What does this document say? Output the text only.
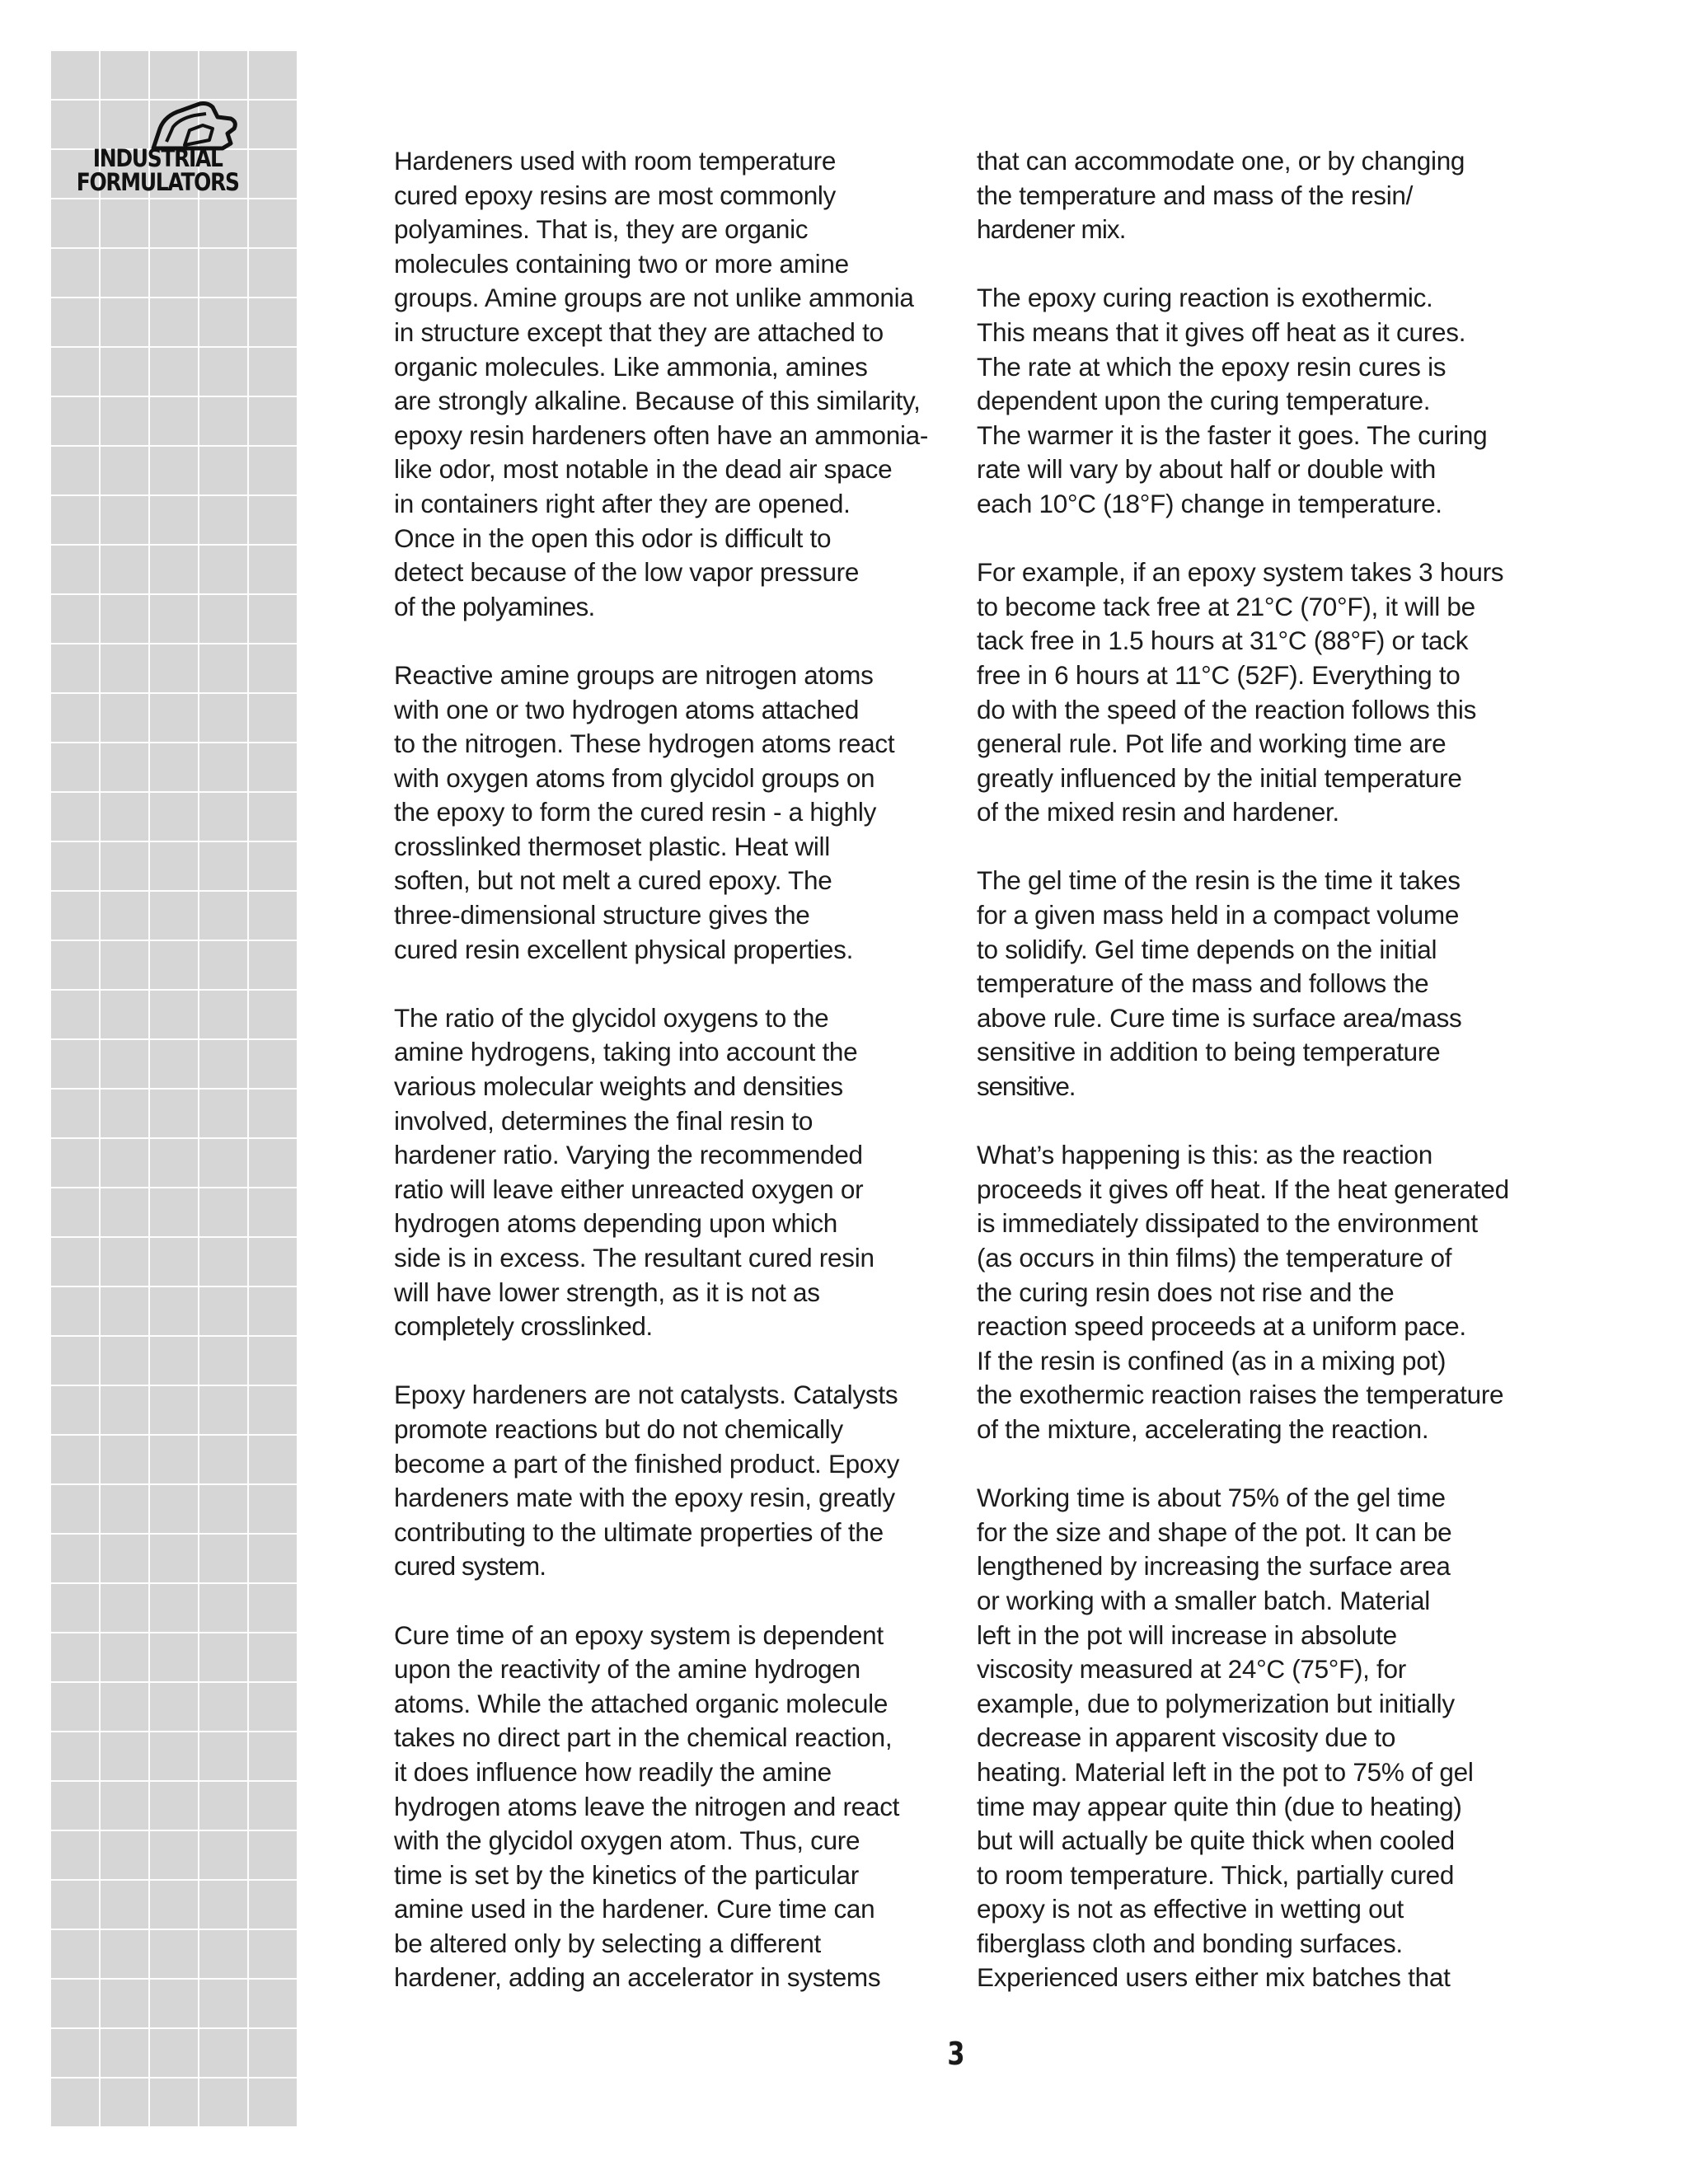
INDUSTRIAL
FORMULATORS

Hardeners used with room temperature
cured epoxy resins are most commonly
polyamines. That is, they are organic
molecules containing two or more amine
groups. Amine groups are not unlike ammonia
in structure except that they are attached to
organic molecules. Like ammonia, amines
are strongly alkaline. Because of this similarity,
epoxy resin hardeners often have an ammonia-
like odor, most notable in the dead air space
in containers right after they are opened.
Once in the open this odor is difficult to
detect because of the low vapor pressure
of the polyamines.

Reactive amine groups are nitrogen atoms
with one or two hydrogen atoms attached
to the nitrogen. These hydrogen atoms react
with oxygen atoms from glycidol groups on
the epoxy to form the cured resin - a highly
crosslinked thermoset plastic. Heat will
soften, but not melt a cured epoxy. The
three-dimensional structure gives the
cured resin excellent physical properties.

The ratio of the glycidol oxygens to the
amine hydrogens, taking into account the
various molecular weights and densities
involved, determines the final resin to
hardener ratio. Varying the recommended
ratio will leave either unreacted oxygen or
hydrogen atoms depending upon which
side is in excess. The resultant cured resin
will have lower strength, as it is not as
completely crosslinked.

Epoxy hardeners are not catalysts. Catalysts
promote reactions but do not chemically
become a part of the finished product. Epoxy
hardeners mate with the epoxy resin, greatly
contributing to the ultimate properties of the
cured system.

Cure time of an epoxy system is dependent
upon the reactivity of the amine hydrogen
atoms. While the attached organic molecule
takes no direct part in the chemical reaction,
it does influence how readily the amine
hydrogen atoms leave the nitrogen and react
with the glycidol oxygen atom. Thus, cure
time is set by the kinetics of the particular
amine used in the hardener. Cure time can
be altered only by selecting a different
hardener, adding an accelerator in systems

that can accommodate one, or by changing
the temperature and mass of the resin/
hardener mix.

The epoxy curing reaction is exothermic.
This means that it gives off heat as it cures.
The rate at which the epoxy resin cures is
dependent upon the curing temperature.
The warmer it is the faster it goes. The curing
rate will vary by about half or double with
each 10°C (18°F) change in temperature.

For example, if an epoxy system takes 3 hours
to become tack free at 21°C (70°F), it will be
tack free in 1.5 hours at 31°C (88°F) or tack
free in 6 hours at 11°C (52F). Everything to
do with the speed of the reaction follows this
general rule. Pot life and working time are
greatly influenced by the initial temperature
of the mixed resin and hardener.

The gel time of the resin is the time it takes
for a given mass held in a compact volume
to solidify. Gel time depends on the initial
temperature of the mass and follows the
above rule. Cure time is surface area/mass
sensitive in addition to being temperature
sensitive.

What’s happening is this: as the reaction
proceeds it gives off heat. If the heat generated
is immediately dissipated to the environment
(as occurs in thin films) the temperature of
the curing resin does not rise and the
reaction speed proceeds at a uniform pace.
If the resin is confined (as in a mixing pot)
the exothermic reaction raises the temperature
of the mixture, accelerating the reaction.

Working time is about 75% of the gel time
for the size and shape of the pot. It can be
lengthened by increasing the surface area
or working with a smaller batch. Material
left in the pot will increase in absolute
viscosity measured at 24°C (75°F), for
example, due to polymerization but initially
decrease in apparent viscosity due to
heating. Material left in the pot to 75% of gel
time may appear quite thin (due to heating)
but will actually be quite thick when cooled
to room temperature. Thick, partially cured
epoxy is not as effective in wetting out
fiberglass cloth and bonding surfaces.
Experienced users either mix batches that

3
